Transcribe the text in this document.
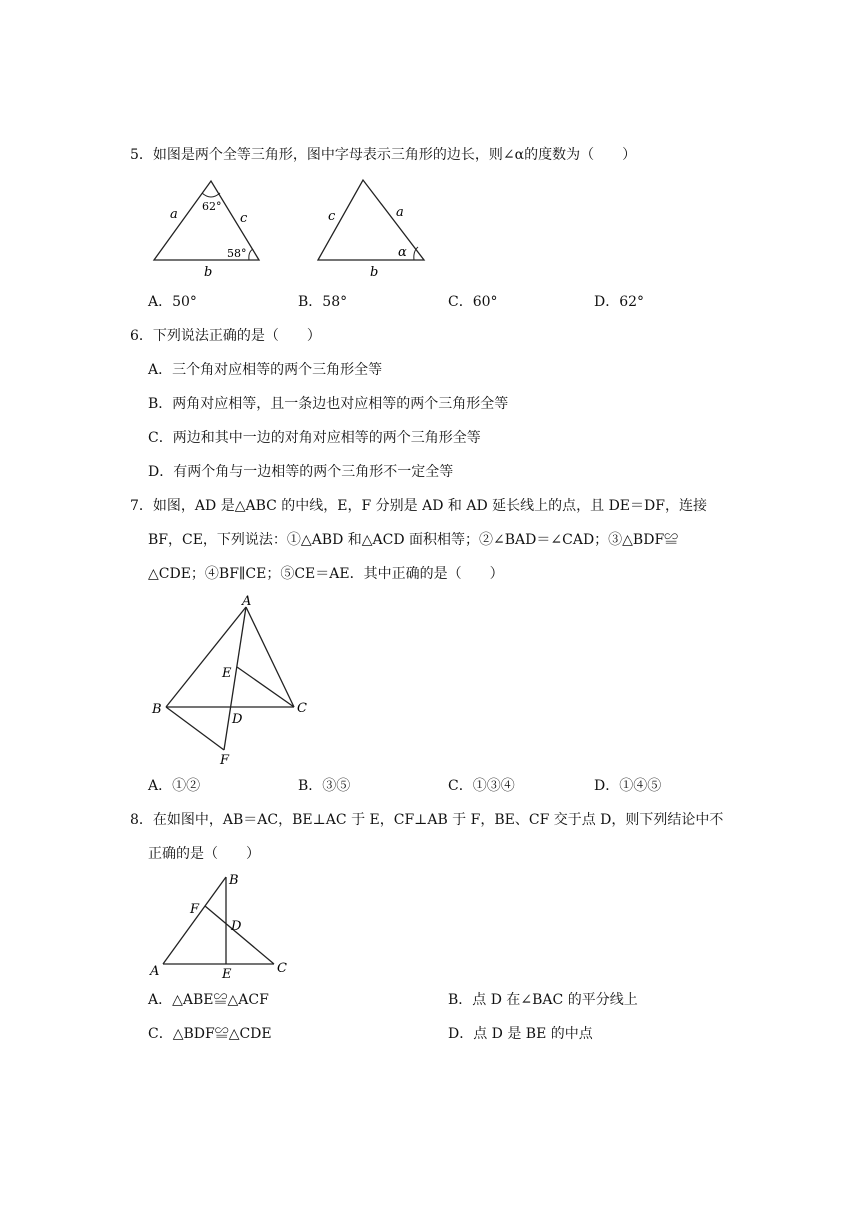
5．如图是两个全等三角形，图中字母表示三角形的边长，则∠α的度数为（　　）
a	c
b
62°
58°
c	a
b
α
A．50°	B．58°	C．60°	D．62°
6．下列说法正确的是（　　）
A．三个角对应相等的两个三角形全等
B．两角对应相等，且一条边也对应相等的两个三角形全等
C．两边和其中一边的对角对应相等的两个三角形全等
D．有两个角与一边相等的两个三角形不一定全等
7．如图，AD 是△ABC 的中线，E，F 分别是 AD 和 AD 延长线上的点，且 DE＝DF，连接
BF，CE，下列说法：①△ABD 和△ACD 面积相等；②∠BAD＝∠CAD；③△BDF≌
△CDE；④BF∥CE；⑤CE＝AE．其中正确的是（　　）
A
B	C
D
E
F
A．①②	B．③⑤	C．①③④	D．①④⑤
8．在如图中，AB＝AC，BE⊥AC 于 E，CF⊥AB 于 F，BE、CF 交于点 D，则下列结论中不
正确的是（　　）
B
F
D
A	E	C
A．△ABE≌△ACF	B．点 D 在∠BAC 的平分线上
C．△BDF≌△CDE	D．点 D 是 BE 的中点
